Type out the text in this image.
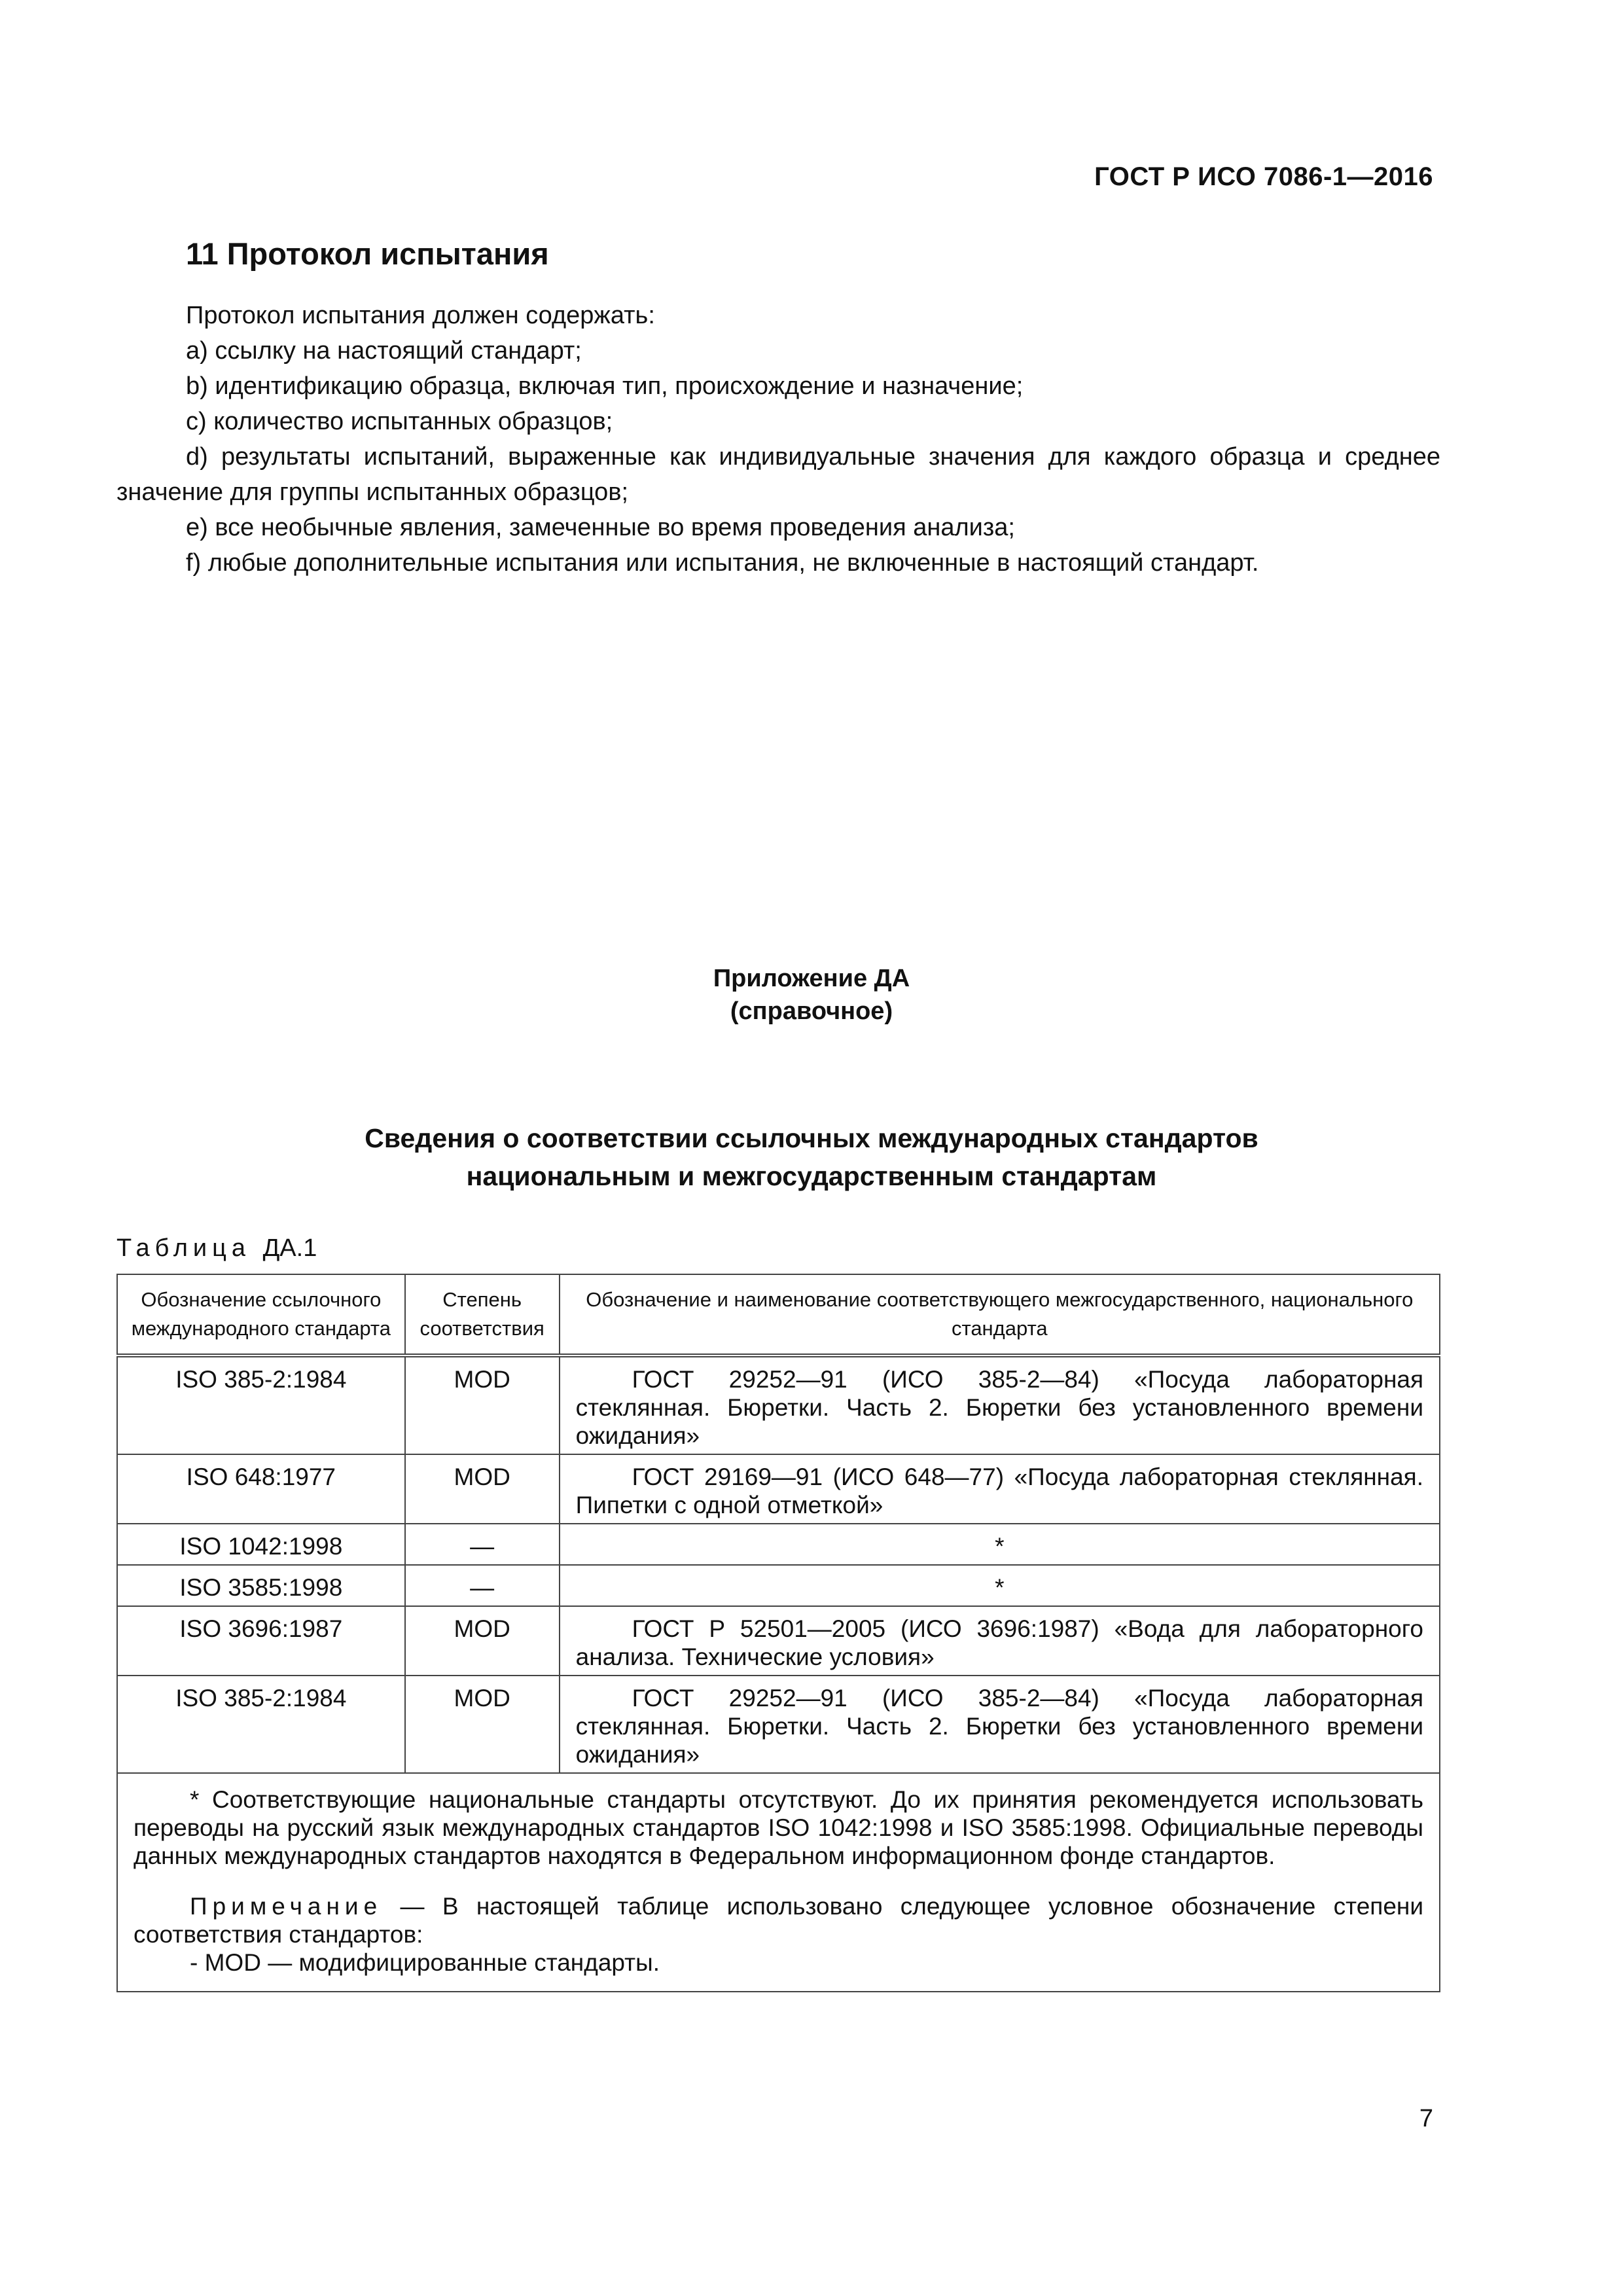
ГОСТ Р ИСО 7086-1—2016
11 Протокол испытания
Протокол испытания должен содержать:
a) ссылку на настоящий стандарт;
b) идентификацию образца, включая тип, происхождение и назначение;
c) количество испытанных образцов;
d) результаты испытаний, выраженные как индивидуальные значения для каждого образца и среднее значение для группы испытанных образцов;
e) все необычные явления, замеченные во время проведения анализа;
f) любые дополнительные испытания или испытания, не включенные в настоящий стандарт.
Приложение ДА
(справочное)
Сведения о соответствии ссылочных международных стандартов
национальным и межгосударственным стандартам
Таблица ДА.1
Обозначение ссылочного международного стандарта	Степень соответствия	Обозначение и наименование соответствующего межгосударственного, национального стандарта
ISO 385-2:1984	MOD	ГОСТ 29252—91 (ИСО 385-2—84) «Посуда лабораторная стеклянная. Бюретки. Часть 2. Бюретки без установленного времени ожидания»
ISO 648:1977	MOD	ГОСТ 29169—91 (ИСО 648—77) «Посуда лабораторная стеклянная. Пипетки с одной отметкой»
ISO 1042:1998	—	*
ISO 3585:1998	—	*
ISO 3696:1987	MOD	ГОСТ Р 52501—2005 (ИСО 3696:1987) «Вода для лабораторного анализа. Технические условия»
ISO 385-2:1984	MOD	ГОСТ 29252—91 (ИСО 385-2—84) «Посуда лабораторная стеклянная. Бюретки. Часть 2. Бюретки без установленного времени ожидания»

* Соответствующие национальные стандарты отсутствуют. До их принятия рекомендуется использовать переводы на русский язык международных стандартов ISO 1042:1998 и ISO 3585:1998. Официальные переводы данных международных стандартов находятся в Федеральном информационном фонде стандартов.

Примечание — В настоящей таблице использовано следующее условное обозначение степени соответствия стандартов:

- MOD — модифицированные стандарты.		

7
